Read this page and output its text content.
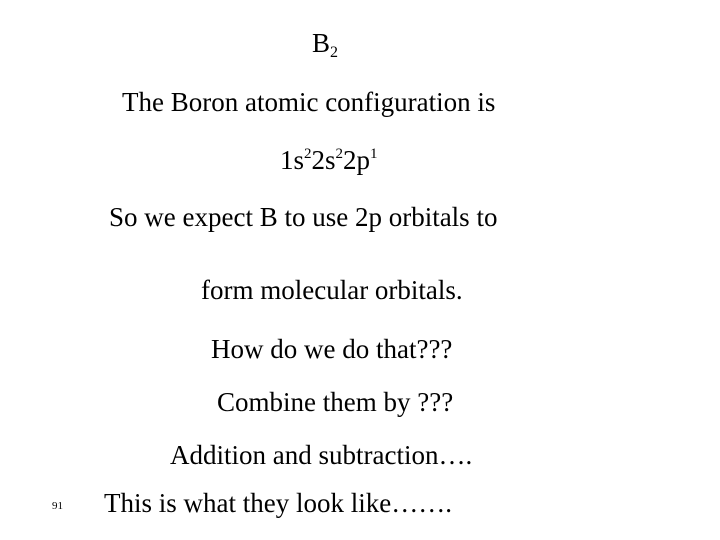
$B_2$
The Boron atomic configuration is
$1s^22s^22p^1$
So we expect B to use 2p orbitals to
form molecular orbitals.
How do we do that???
Combine them by ???
Addition and subtraction….
This is what they look like…….
91
